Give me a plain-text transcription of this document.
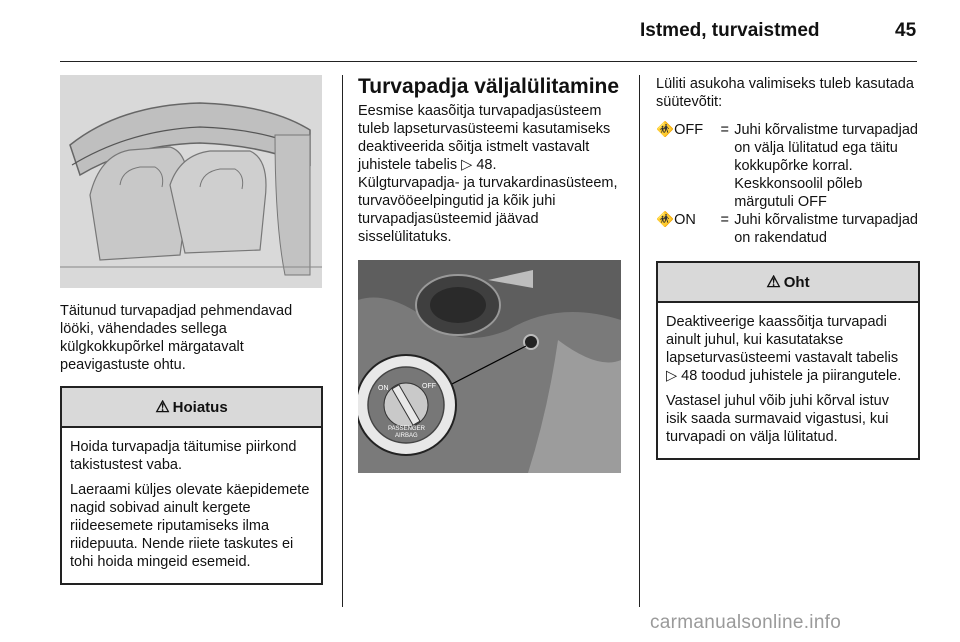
Istmed, turvaistmed	45

Täitunud turvapadjad pehmendavad lööki, vähendades sellega külgkokkupõrkel märgatavalt peavigastuste ohtu.

⚠ Hoiatus

Hoida turvapadja täitumise piirkond takistustest vaba.

Laeraami küljes olevate käepidemete nagid sobivad ainult kergete riideesemete riputamiseks ilma riidepuuta. Nende riiete taskutes ei tohi hoida mingeid esemeid.

Turvapadja väljalülitamine

Eesmise kaasõitja turvapadjasüsteem tuleb lapseturvasüsteemi kasutamiseks deaktiveerida sõitja istmelt vastavalt juhistele tabelis ▷ 48.
Külgturvapadja- ja turvakardinasüsteem, turvavööeelpingutid ja kõik juhi turvapadjasüsteemid jäävad sisselülitatuks.

ON	OFF
PASSENGER
AIRBAG

Lüliti asukoha valimiseks tuleb kasutada süütevõtit:

🚸OFF	= Juhi kõrvalistme turvapadjad on välja lülitatud ega täitu kokkupõrke korral. Keskkonsoolil põleb märgutuli OFF
🚸ON	= Juhi kõrvalistme turvapadjad on rakendatud
⚠ Oht

Deaktiveerige kaassõitja turvapadi ainult juhul, kui kasutatakse lapseturvasüsteemi vastavalt tabelis ▷ 48 toodud juhistele ja piirangutele.

Vastasel juhul võib juhi kõrval istuv isik saada surmavaid vigastusi, kui turvapadi on välja lülitatud.

carmanualsonline.info
